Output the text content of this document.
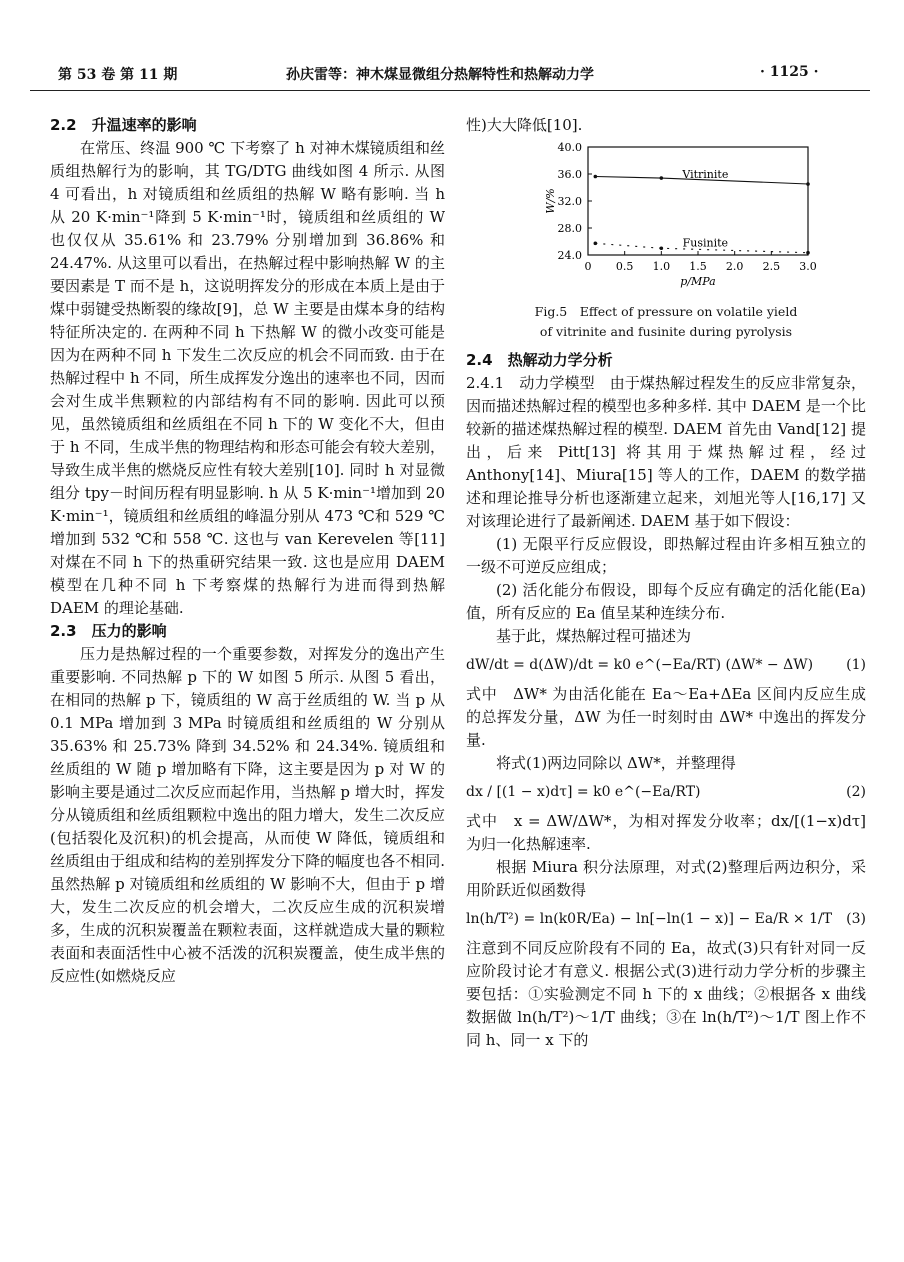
第 53 卷 第 11 期	孙庆雷等：神木煤显微组分热解特性和热解动力学	· 1125 ·

2.2　升温速率的影响

在常压、终温 900 ℃ 下考察了 h 对神木煤镜质组和丝质组热解行为的影响，其 TG/DTG 曲线如图 4 所示. 从图 4 可看出，h 对镜质组和丝质组的热解 W 略有影响. 当 h 从 20 K·min⁻¹降到 5 K·min⁻¹时，镜质组和丝质组的 W 也仅仅从 35.61% 和 23.79% 分别增加到 36.86% 和 24.47%. 从这里可以看出，在热解过程中影响热解 W 的主要因素是 T 而不是 h，这说明挥发分的形成在本质上是由于煤中弱键受热断裂的缘故[9]，总 W 主要是由煤本身的结构特征所决定的. 在两种不同 h 下热解 W 的微小改变可能是因为在两种不同 h 下发生二次反应的机会不同而致. 由于在热解过程中 h 不同，所生成挥发分逸出的速率也不同，因而会对生成半焦颗粒的内部结构有不同的影响. 因此可以预见，虽然镜质组和丝质组在不同 h 下的 W 变化不大，但由于 h 不同，生成半焦的物理结构和形态可能会有较大差别，导致生成半焦的燃烧反应性有较大差别[10]. 同时 h 对显微组分 tpy－时间历程有明显影响. h 从 5 K·min⁻¹增加到 20 K·min⁻¹，镜质组和丝质组的峰温分别从 473 ℃和 529 ℃增加到 532 ℃和 558 ℃. 这也与 van Kerevelen 等[11]对煤在不同 h 下的热重研究结果一致. 这也是应用 DAEM 模型在几种不同 h 下考察煤的热解行为进而得到热解 DAEM 的理论基础.

2.3　压力的影响

压力是热解过程的一个重要参数，对挥发分的逸出产生重要影响. 不同热解 p 下的 W 如图 5 所示. 从图 5 看出，在相同的热解 p 下，镜质组的 W 高于丝质组的 W. 当 p 从 0.1 MPa 增加到 3 MPa 时镜质组和丝质组的 W 分别从 35.63% 和 25.73% 降到 34.52% 和 24.34%. 镜质组和丝质组的 W 随 p 增加略有下降，这主要是因为 p 对 W 的影响主要是通过二次反应而起作用，当热解 p 增大时，挥发分从镜质组和丝质组颗粒中逸出的阻力增大，发生二次反应(包括裂化及沉积)的机会提高，从而使 W 降低，镜质组和丝质组由于组成和结构的差别挥发分下降的幅度也各不相同. 虽然热解 p 对镜质组和丝质组的 W 影响不大，但由于 p 增大，发生二次反应的机会增大，二次反应生成的沉积炭增多，生成的沉积炭覆盖在颗粒表面，这样就造成大量的颗粒表面和表面活性中心被不活泼的沉积炭覆盖，使生成半焦的反应性(如燃烧反应

性)大大降低[10].

24.0
28.0
32.0
36.0
40.0
0 0.5 1.0 1.5 2.0 2.5 3.0
p/MPa
W/%
Vitrinite
Fusinite

Fig.5　Effect of pressure on volatile yield

of vitrinite and fusinite during pyrolysis

2.4　热解动力学分析

2.4.1　动力学模型　由于煤热解过程发生的反应非常复杂，因而描述热解过程的模型也多种多样. 其中 DAEM 是一个比较新的描述煤热解过程的模型. DAEM 首先由 Vand[12] 提出，后来 Pitt[13] 将其用于煤热解过程，经过 Anthony[14]、Miura[15] 等人的工作，DAEM 的数学描述和理论推导分析也逐渐建立起来，刘旭光等人[16,17] 又对该理论进行了最新阐述. DAEM 基于如下假设：

(1) 无限平行反应假设，即热解过程由许多相互独立的一级不可逆反应组成；

(2) 活化能分布假设，即每个反应有确定的活化能(Ea)值，所有反应的 Ea 值呈某种连续分布.

基于此，煤热解过程可描述为

dW/dt = d(ΔW)/dt = k0 e^(−Ea/RT) (ΔW* − ΔW) (1)

式中　ΔW* 为由活化能在 Ea～Ea+ΔEa 区间内反应生成的总挥发分量，ΔW 为任一时刻时由 ΔW* 中逸出的挥发分量.

将式(1)两边同除以 ΔW*，并整理得

dx / [(1 − x)dτ] = k0 e^(−Ea/RT)	(2)

式中　x = ΔW/ΔW*，为相对挥发分收率；dx/[(1−x)dτ] 为归一化热解速率.

根据 Miura 积分法原理，对式(2)整理后两边积分，采用阶跃近似函数得

ln(h/T²) = ln(k0R/Ea) − ln[−ln(1 − x)] − Ea/R × 1/T (3)

注意到不同反应阶段有不同的 Ea，故式(3)只有针对同一反应阶段讨论才有意义. 根据公式(3)进行动力学分析的步骤主要包括：①实验测定不同 h 下的 x 曲线；②根据各 x 曲线数据做 ln(h/T²)～1/T 曲线；③在 ln(h/T²)～1/T 图上作不同 h、同一 x 下的
